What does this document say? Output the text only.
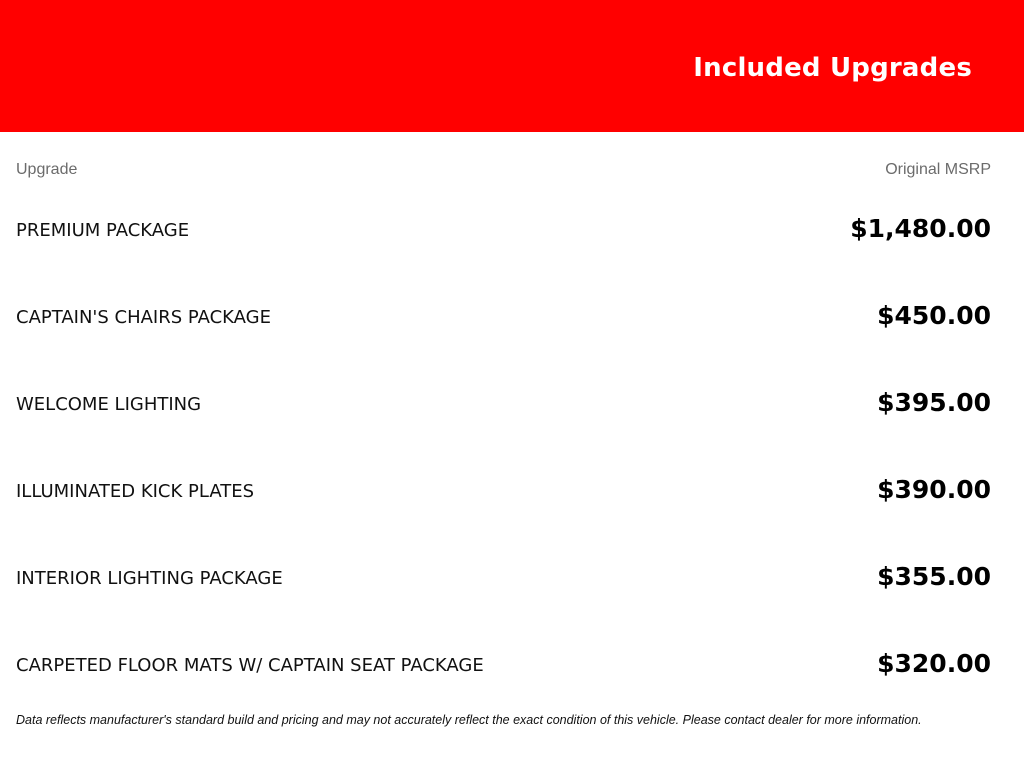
Included Upgrades
Upgrade	Original MSRP
PREMIUM PACKAGE	$1,480.00
CAPTAIN'S CHAIRS PACKAGE	$450.00
WELCOME LIGHTING	$395.00
ILLUMINATED KICK PLATES	$390.00
INTERIOR LIGHTING PACKAGE	$355.00
CARPETED FLOOR MATS W/ CAPTAIN SEAT PACKAGE	$320.00
Data reflects manufacturer's standard build and pricing and may not accurately reflect the exact condition of this vehicle. Please contact dealer for more information.
